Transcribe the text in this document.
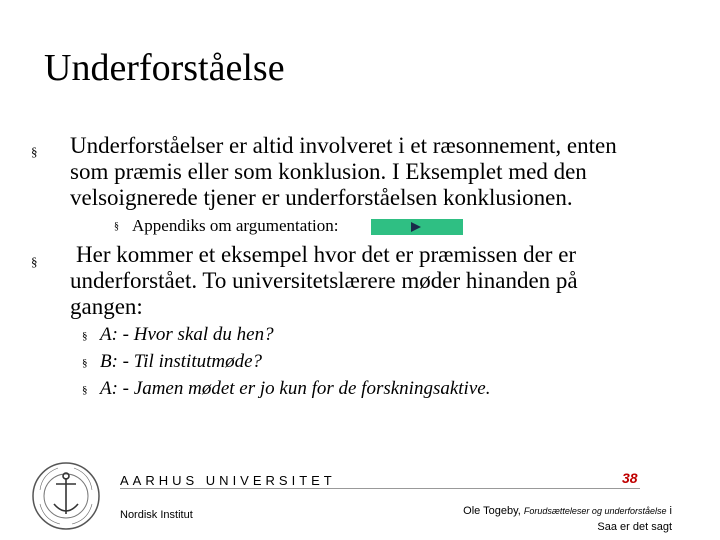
Underforståelse
§ Underforståelser er altid involveret i et ræsonnement, enten
som præmis eller som konklusion. I Eksemplet med den
velsoignerede tjener er underforståelsen konklusionen.
§ Appendiks om argumentation:
§ Her kommer et eksempel hvor det er præmissen der er
underforstået. To universitetslærere møder hinanden på
gangen:
§ A: - Hvor skal du hen?
§ B: - Til institutmøde?
§ A: - Jamen mødet er jo kun for de forskningsaktive.
AARHUS UNIVERSITET
Nordisk Institut
38
Ole Togeby, Forudsætteleser og underforståelse i
Saa er det sagt
